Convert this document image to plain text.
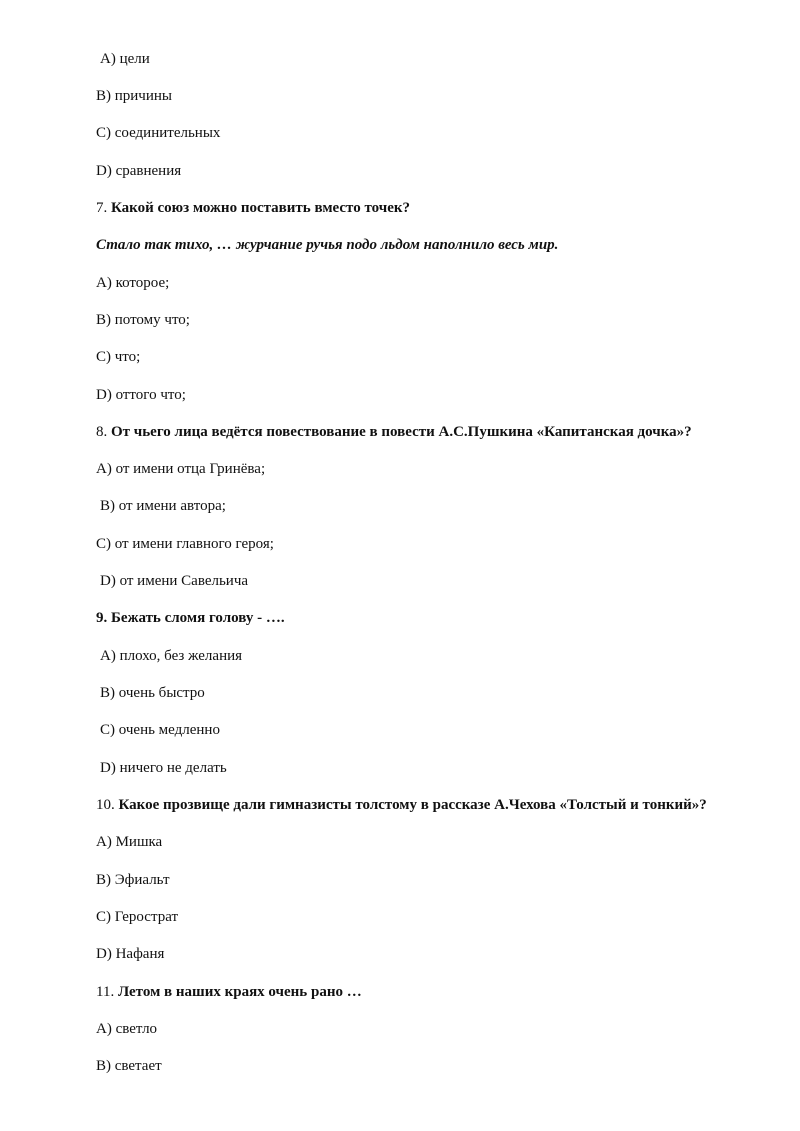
A) цели
B) причины
C) соединительных
D) сравнения
7. Какой союз можно поставить вместо точек?
Стало так тихо, … журчание ручья подо льдом наполнило весь мир.
A) которое;
B) потому что;
C) что;
D) оттого что;
8. От чьего лица ведётся повествование в повести А.С.Пушкина «Капитанская дочка»?
A) от имени отца Гринёва;
B) от имени автора;
C) от имени главного героя;
D) от имени Савельича
9. Бежать сломя голову - ….
A) плохо, без желания
B) очень быстро
C) очень медленно
D) ничего не делать
10. Какое прозвище дали гимназисты толстому в рассказе А.Чехова «Толстый и тонкий»?
A) Мишка
B) Эфиальт
C) Герострат
D) Нафаня
11. Летом в наших краях очень рано …
A) светло
B) светает
